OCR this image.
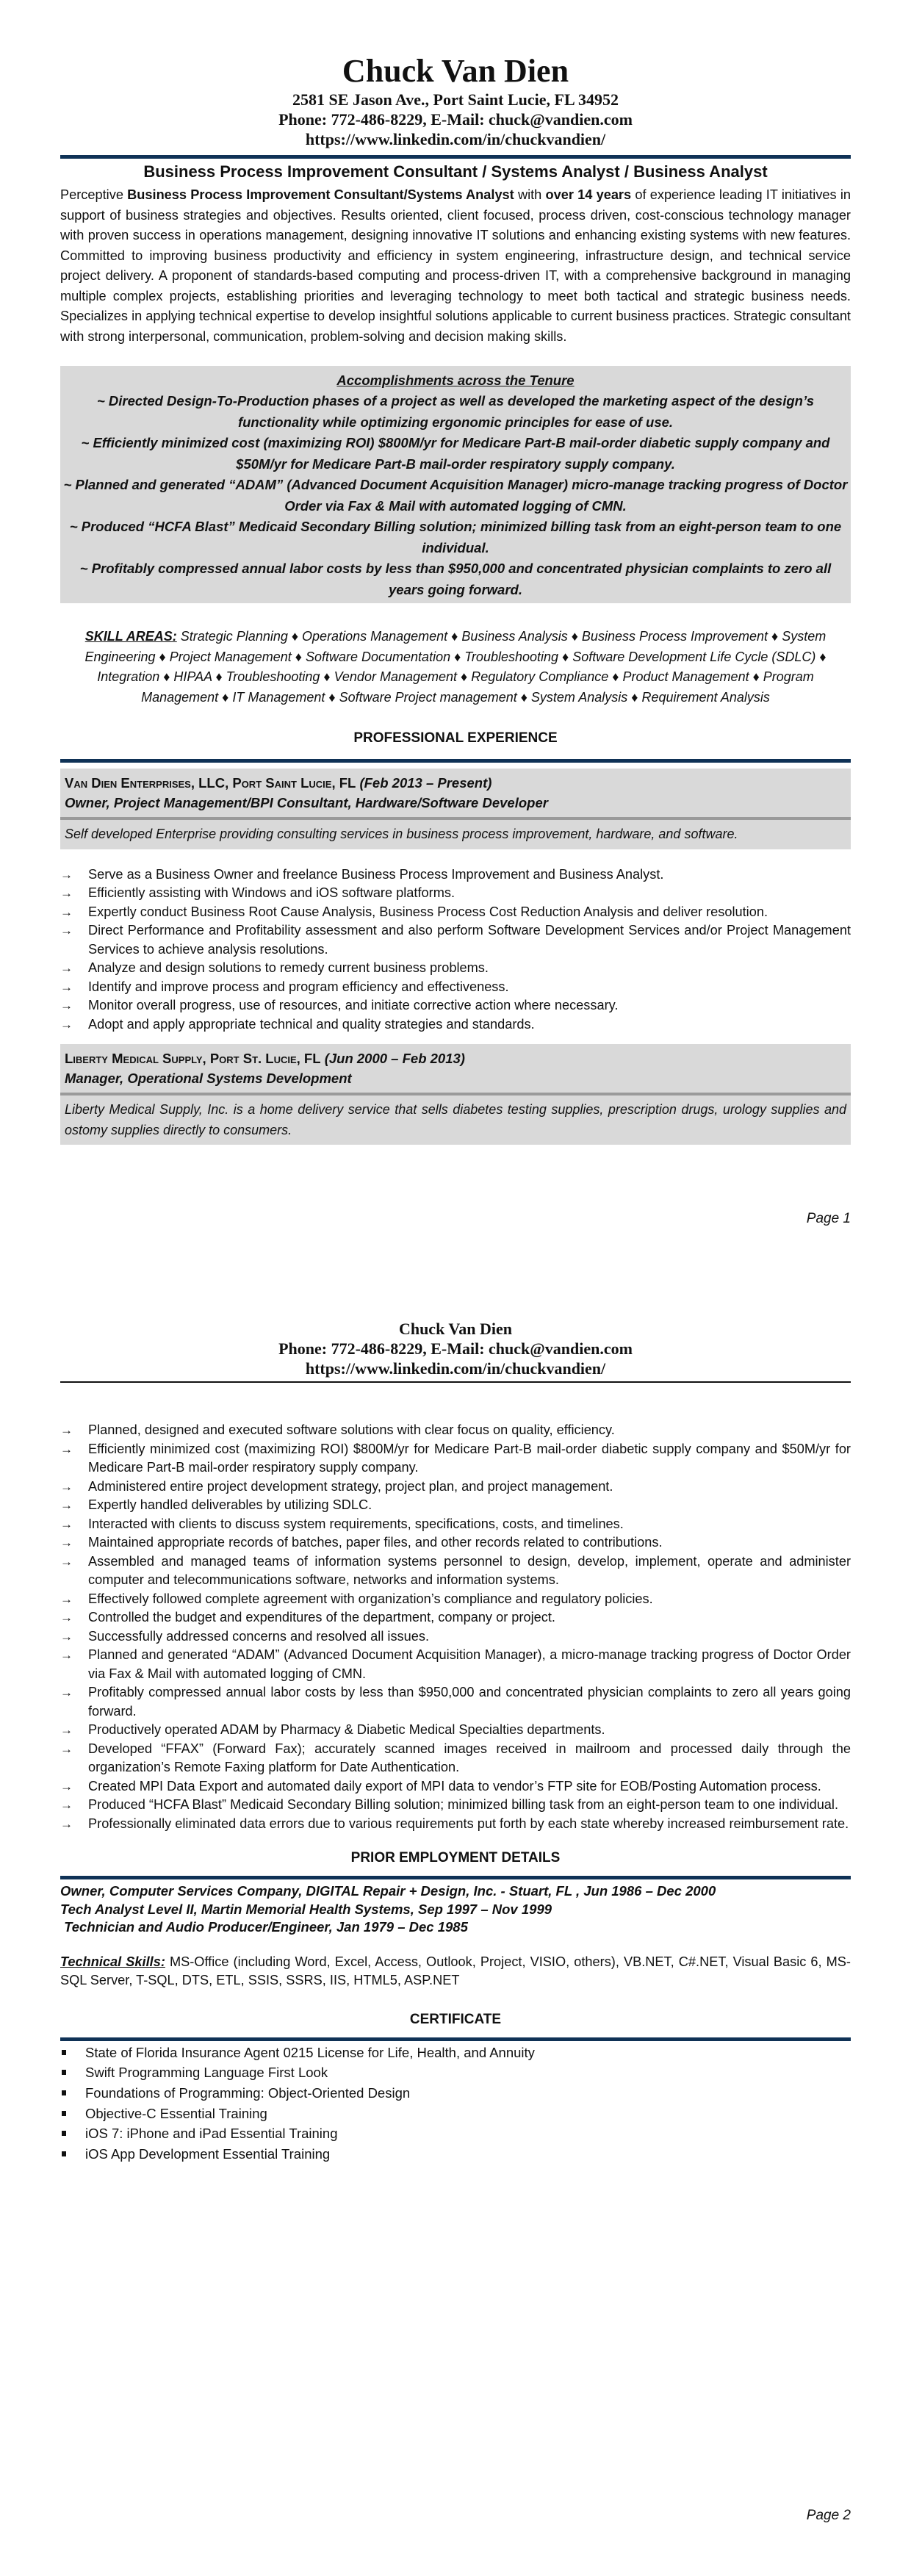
Chuck Van Dien
2581 SE Jason Ave., Port Saint Lucie, FL 34952
Phone: 772-486-8229, E-Mail: chuck@vandien.com
https://www.linkedin.com/in/chuckvandien/
Business Process Improvement Consultant / Systems Analyst / Business Analyst

Perceptive Business Process Improvement Consultant/Systems Analyst with over 14 years of experience leading IT initiatives in support of business strategies and objectives. Results oriented, client focused, process driven, cost-conscious technology manager with proven success in operations management, designing innovative IT solutions and enhancing existing systems with new features. Committed to improving business productivity and efficiency in system engineering, infrastructure design, and technical service project delivery. A proponent of standards-based computing and process-driven IT, with a comprehensive background in managing multiple complex projects, establishing priorities and leveraging technology to meet both tactical and strategic business needs. Specializes in applying technical expertise to develop insightful solutions applicable to current business practices. Strategic consultant with strong interpersonal, communication, problem-solving and decision making skills.

Accomplishments across the Tenure
~ Directed Design-To-Production phases of a project as well as developed the marketing aspect of the design’s functionality while optimizing ergonomic principles for ease of use.
~ Efficiently minimized cost (maximizing ROI) $800M/yr for Medicare Part-B mail-order diabetic supply company and $50M/yr for Medicare Part-B mail-order respiratory supply company.
~ Planned and generated “ADAM” (Advanced Document Acquisition Manager) micro-manage tracking progress of Doctor Order via Fax & Mail with automated logging of CMN.
~ Produced “HCFA Blast” Medicaid Secondary Billing solution; minimized billing task from an eight-person team to one individual.
~ Profitably compressed annual labor costs by less than $950,000 and concentrated physician complaints to zero all years going forward.
SKILL AREAS: Strategic Planning ♦ Operations Management ♦ Business Analysis ♦ Business Process Improvement ♦ System Engineering ♦ Project Management ♦ Software Documentation ♦ Troubleshooting ♦ Software Development Life Cycle (SDLC) ♦ Integration ♦ HIPAA ♦ Troubleshooting ♦ Vendor Management ♦ Regulatory Compliance ♦ Product Management ♦ Program Management ♦ IT Management ♦ Software Project management ♦ System Analysis ♦ Requirement Analysis
PROFESSIONAL EXPERIENCE
Van Dien Enterprises, LLC, Port Saint Lucie, FL (Feb 2013 – Present)
Owner, Project Management/BPI Consultant, Hardware/Software Developer
Self developed Enterprise providing consulting services in business process improvement, hardware, and software.
→ Serve as a Business Owner and freelance Business Process Improvement and Business Analyst.
→ Efficiently assisting with Windows and iOS software platforms.
→ Expertly conduct Business Root Cause Analysis, Business Process Cost Reduction Analysis and deliver resolution.
→ Direct Performance and Profitability assessment and also perform Software Development Services and/or Project Management Services to achieve analysis resolutions.
→ Analyze and design solutions to remedy current business problems.
→ Identify and improve process and program efficiency and effectiveness.
→ Monitor overall progress, use of resources, and initiate corrective action where necessary.
→ Adopt and apply appropriate technical and quality strategies and standards.
Liberty Medical Supply, Port St. Lucie, FL (Jun 2000 – Feb 2013)
Manager, Operational Systems Development
Liberty Medical Supply, Inc. is a home delivery service that sells diabetes testing supplies, prescription drugs, urology supplies and ostomy supplies directly to consumers.
Page 1
Chuck Van Dien
Phone: 772-486-8229, E-Mail: chuck@vandien.com
https://www.linkedin.com/in/chuckvandien/
→ Planned, designed and executed software solutions with clear focus on quality, efficiency.
→ Efficiently minimized cost (maximizing ROI) $800M/yr for Medicare Part-B mail-order diabetic supply company and $50M/yr for Medicare Part-B mail-order respiratory supply company.
→ Administered entire project development strategy, project plan, and project management.
→ Expertly handled deliverables by utilizing SDLC.
→ Interacted with clients to discuss system requirements, specifications, costs, and timelines.
→ Maintained appropriate records of batches, paper files, and other records related to contributions.
→ Assembled and managed teams of information systems personnel to design, develop, implement, operate and administer computer and telecommunications software, networks and information systems.
→ Effectively followed complete agreement with organization’s compliance and regulatory policies.
→ Controlled the budget and expenditures of the department, company or project.
→ Successfully addressed concerns and resolved all issues.
→ Planned and generated “ADAM” (Advanced Document Acquisition Manager), a micro-manage tracking progress of Doctor Order via Fax & Mail with automated logging of CMN.
→ Profitably compressed annual labor costs by less than $950,000 and concentrated physician complaints to zero all years going forward.
→ Productively operated ADAM by Pharmacy & Diabetic Medical Specialties departments.
→ Developed “FFAX” (Forward Fax); accurately scanned images received in mailroom and processed daily through the organization’s Remote Faxing platform for Date Authentication.
→ Created MPI Data Export and automated daily export of MPI data to vendor’s FTP site for EOB/Posting Automation process.
→ Produced “HCFA Blast” Medicaid Secondary Billing solution; minimized billing task from an eight-person team to one individual.
→ Professionally eliminated data errors due to various requirements put forth by each state whereby increased reimbursement rate.
PRIOR EMPLOYMENT DETAILS
Owner, Computer Services Company, DIGITAL Repair + Design, Inc. - Stuart, FL , Jun 1986 – Dec 2000
Tech Analyst Level II, Martin Memorial Health Systems, Sep 1997 – Nov 1999
Technician and Audio Producer/Engineer, Jan 1979 – Dec 1985
Technical Skills: MS-Office (including Word, Excel, Access, Outlook, Project, VISIO, others), VB.NET, C#.NET, Visual Basic 6, MS-SQL Server, T-SQL, DTS, ETL, SSIS, SSRS, IIS, HTML5, ASP.NET
CERTIFICATE
State of Florida Insurance Agent 0215 License for Life, Health, and Annuity
Swift Programming Language First Look
Foundations of Programming: Object-Oriented Design
Objective-C Essential Training
iOS 7: iPhone and iPad Essential Training
iOS App Development Essential Training
Page 2
